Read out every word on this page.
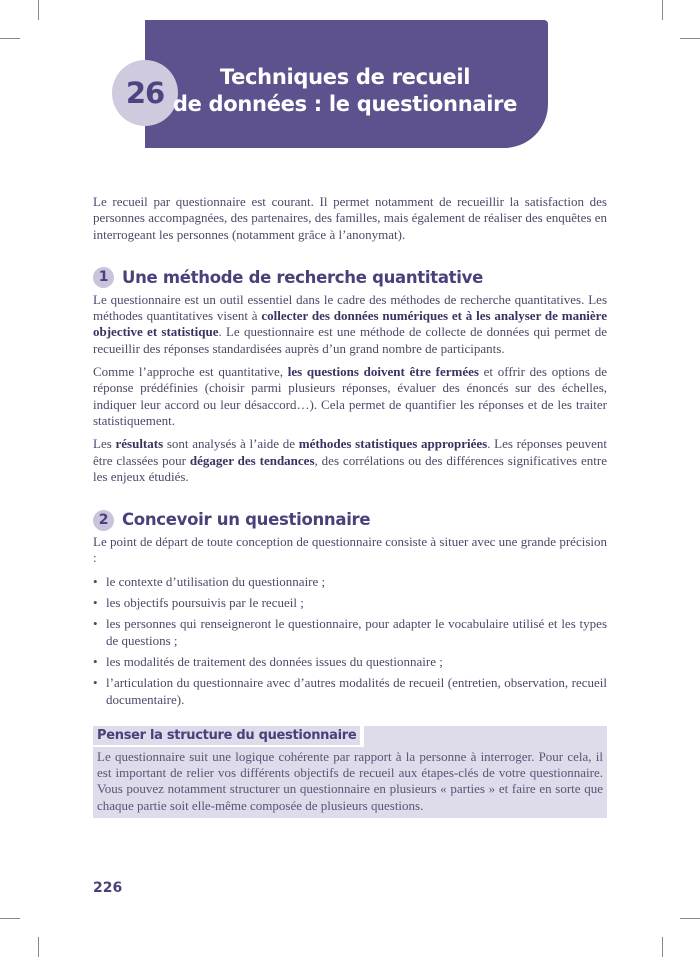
26	Techniques de recueil
de données : le questionnaire

Le recueil par questionnaire est courant. Il permet notamment de recueillir la satisfaction des personnes accompagnées, des partenaires, des familles, mais également de réaliser des enquêtes en interrogeant les personnes (notamment grâce à l’anonymat).

1 Une méthode de recherche quantitative

Le questionnaire est un outil essentiel dans le cadre des méthodes de recherche quantitatives. Les méthodes quantitatives visent à collecter des données numériques et à les analyser de manière objective et statistique. Le questionnaire est une méthode de collecte de données qui permet de recueillir des réponses standardisées auprès d’un grand nombre de participants.

Comme l’approche est quantitative, les questions doivent être fermées et offrir des options de réponse prédéfinies (choisir parmi plusieurs réponses, évaluer des énoncés sur des échelles, indiquer leur accord ou leur désaccord…). Cela permet de quantifier les réponses et de les traiter statistiquement.

Les résultats sont analysés à l’aide de méthodes statistiques appropriées. Les réponses peuvent être classées pour dégager des tendances, des corrélations ou des différences significatives entre les enjeux étudiés.

2 Concevoir un questionnaire

Le point de départ de toute conception de questionnaire consiste à situer avec une grande précision :

• le contexte d’utilisation du questionnaire ;
• les objectifs poursuivis par le recueil ;
• les personnes qui renseigneront le questionnaire, pour adapter le vocabulaire utilisé et les types de questions ;
• les modalités de traitement des données issues du questionnaire ;
• l’articulation du questionnaire avec d’autres modalités de recueil (entretien, observation, recueil documentaire).
Penser la structure du questionnaire

Le questionnaire suit une logique cohérente par rapport à la personne à interroger. Pour cela, il est important de relier vos différents objectifs de recueil aux étapes-clés de votre questionnaire. Vous pouvez notamment structurer un questionnaire en plusieurs « parties » et faire en sorte que chaque partie soit elle-même composée de plusieurs questions.

226
